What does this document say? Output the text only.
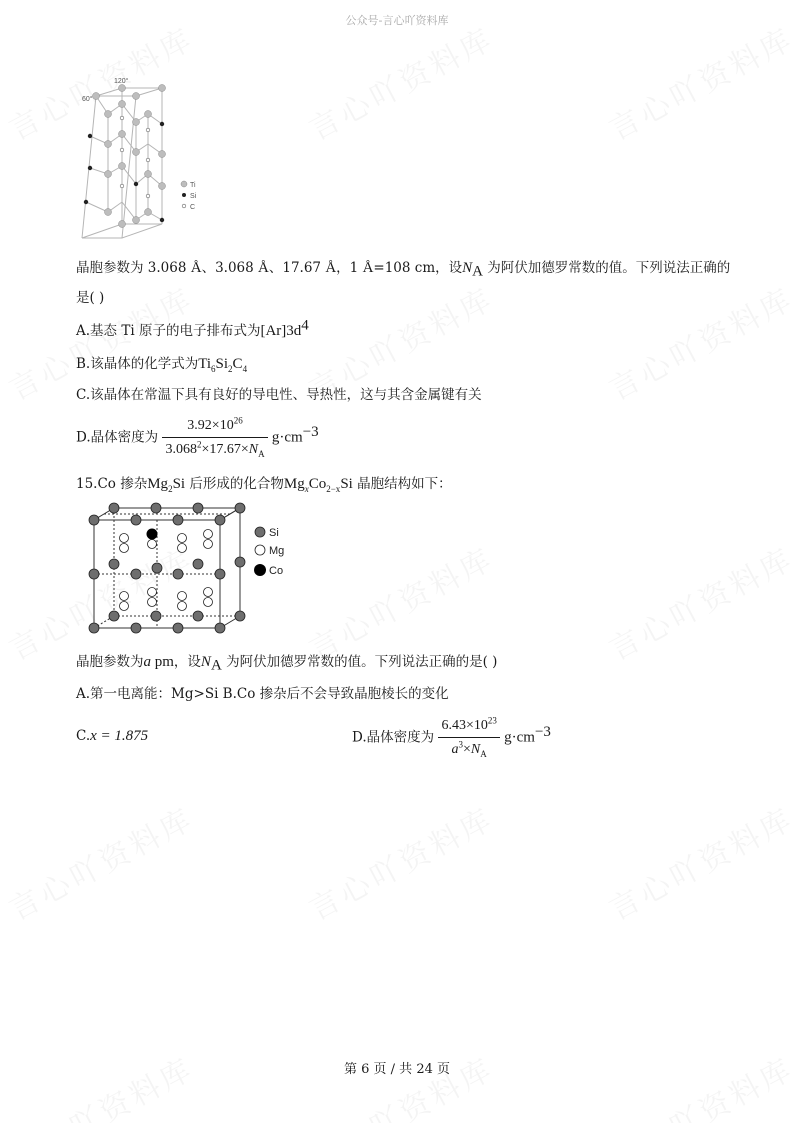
公众号-言心吖资料库
120°
60°
Ti
Si
C
晶胞参数为 3.068 Å、3.068 Å、17.67 Å，1 Å=108 cm，设$N_A$ 为阿伏加德罗常数的值。下列说法正确的
是( )
A.基态 Ti 原子的电子排布式为$[Ar]3d^4$
B.该晶体的化学式为$Ti_6Si_2C_4$
C.该晶体在常温下具有良好的导电性、导热性，这与其含金属键有关
D.晶体密度为 $\frac{3.92\times 10^{26}}{3.068^2\times 17.67\times N_A} g\cdot cm^{-3}$
15.Co 掺杂$Mg_2Si$ 后形成的化合物$Mg_xCo_{2-x}Si$ 晶胞结构如下：
Si
Mg
Co
晶胞参数为a pm，设$N_A$ 为阿伏加德罗常数的值。下列说法正确的是( )
A.第一电离能：Mg>Si B.Co 掺杂后不会导致晶胞棱长的变化
C.x = 1.875	D.晶体密度为 $\frac{6.43\times 10^{23}}{a^3\times N_A} g\cdot cm^{-3}$
第 6 页 / 共 24 页
